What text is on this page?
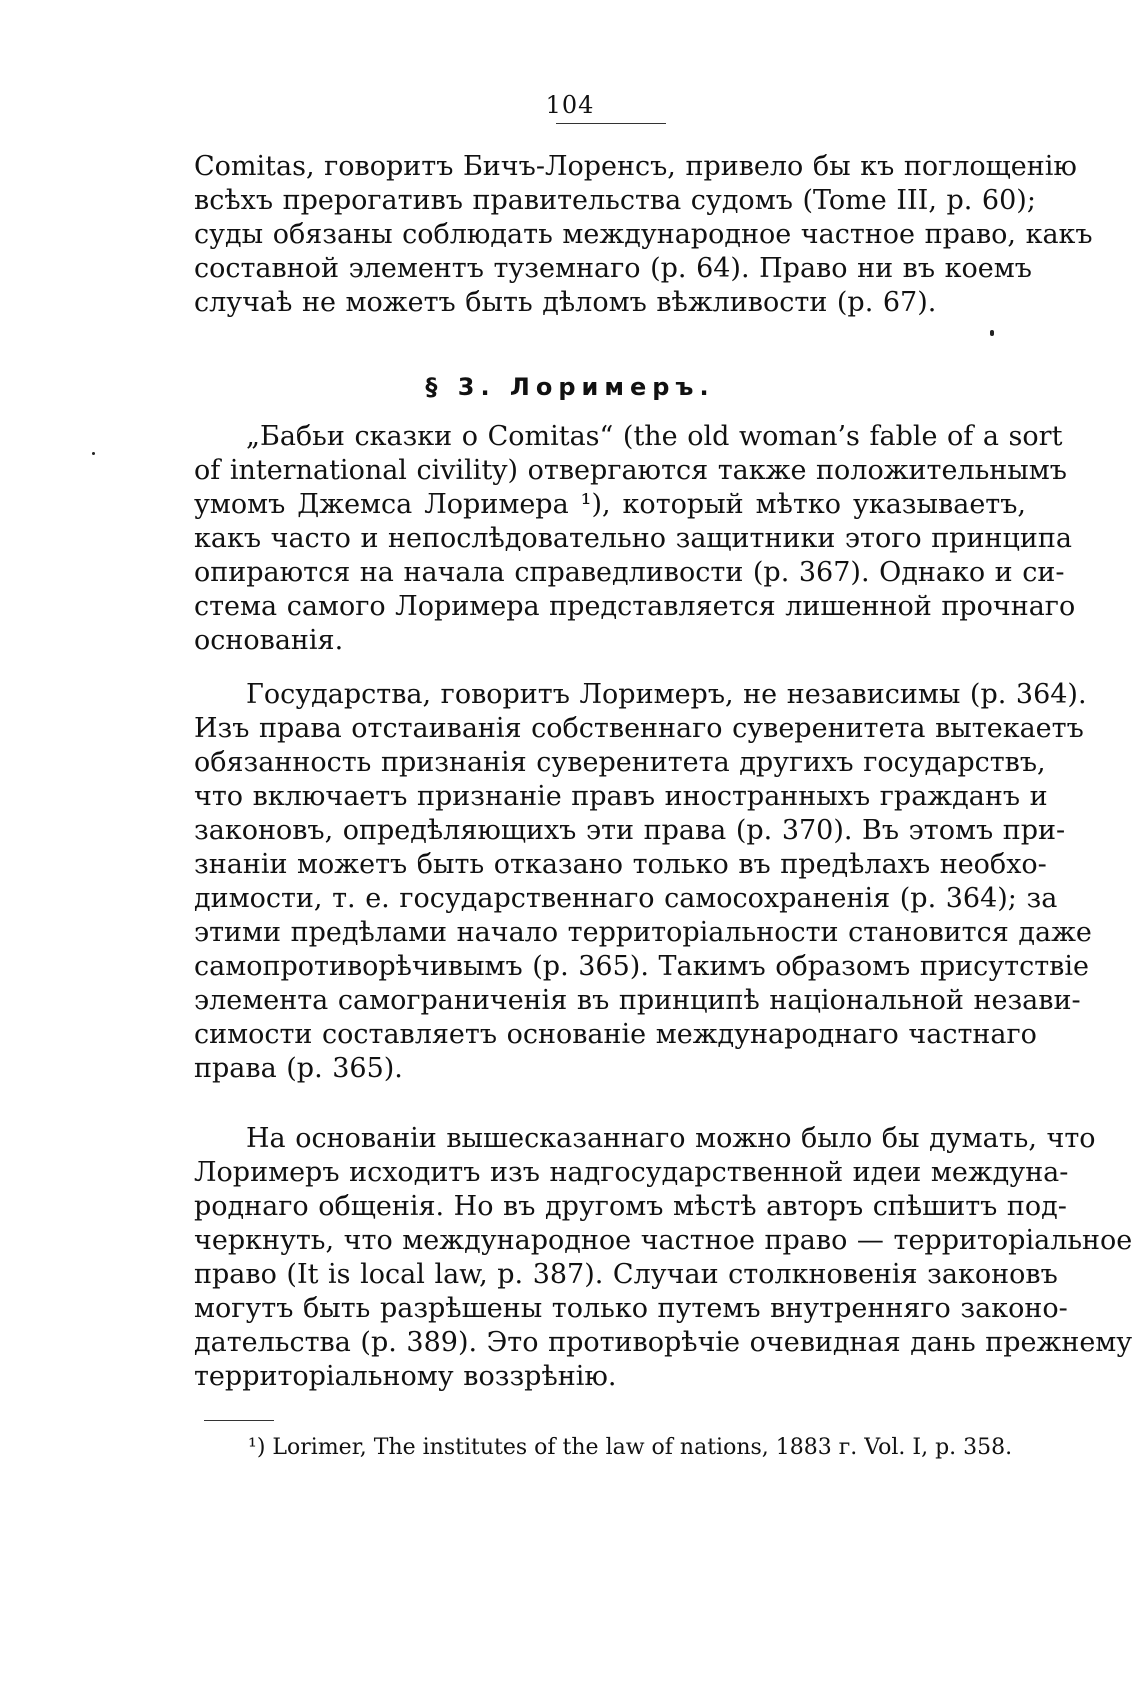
104
Comitas, говоритъ Бичъ-Лоренсъ, привело бы къ поглощенію
всѣхъ прерогативъ правительства судомъ (Tome III, p. 60);
суды обязаны соблюдать международное частное право, какъ
составной элементъ туземнаго (p. 64). Право ни въ коемъ
случаѣ не можетъ быть дѣломъ вѣжливости (p. 67).
§ 3. Лоримеръ.
„Бабьи сказки о Comitas“ (the old woman’s fable of a sort
of international civility) отвергаются также положительнымъ
умомъ Джемса Лоримера ¹), который мѣтко указываетъ,
какъ часто и непослѣдовательно защитники этого принципа
опираются на начала справедливости (p. 367). Однако и си-
стема самого Лоримера представляется лишенной прочнаго
основанія.
Государства, говоритъ Лоримеръ, не независимы (p. 364).
Изъ права отстаиванія собственнаго суверенитета вытекаетъ
обязанность признанія суверенитета другихъ государствъ,
что включаетъ признаніе правъ иностранныхъ гражданъ и
законовъ, опредѣляющихъ эти права (p. 370). Въ этомъ при-
знаніи можетъ быть отказано только въ предѣлахъ необхо-
димости, т. е. государственнаго самосохраненія (p. 364); за
этими предѣлами начало территоріальности становится даже
самопротиворѣчивымъ (p. 365). Такимъ образомъ присутствіе
элемента самограниченія въ принципѣ національной незави-
симости составляетъ основаніе международнаго частнаго
права (p. 365).
На основаніи вышесказаннаго можно было бы думать, что
Лоримеръ исходитъ изъ надгосударственной идеи междуна-
роднаго общенія. Но въ другомъ мѣстѣ авторъ спѣшитъ под-
черкнуть, что международное частное право — территоріальное
право (It is local law, p. 387). Случаи столкновенія законовъ
могутъ быть разрѣшены только путемъ внутренняго законо-
дательства (p. 389). Это противорѣчіе очевидная дань прежнему
территоріальному воззрѣнію.
¹) Lorimer, The institutes of the law of nations, 1883 г. Vol. I, p. 358.
